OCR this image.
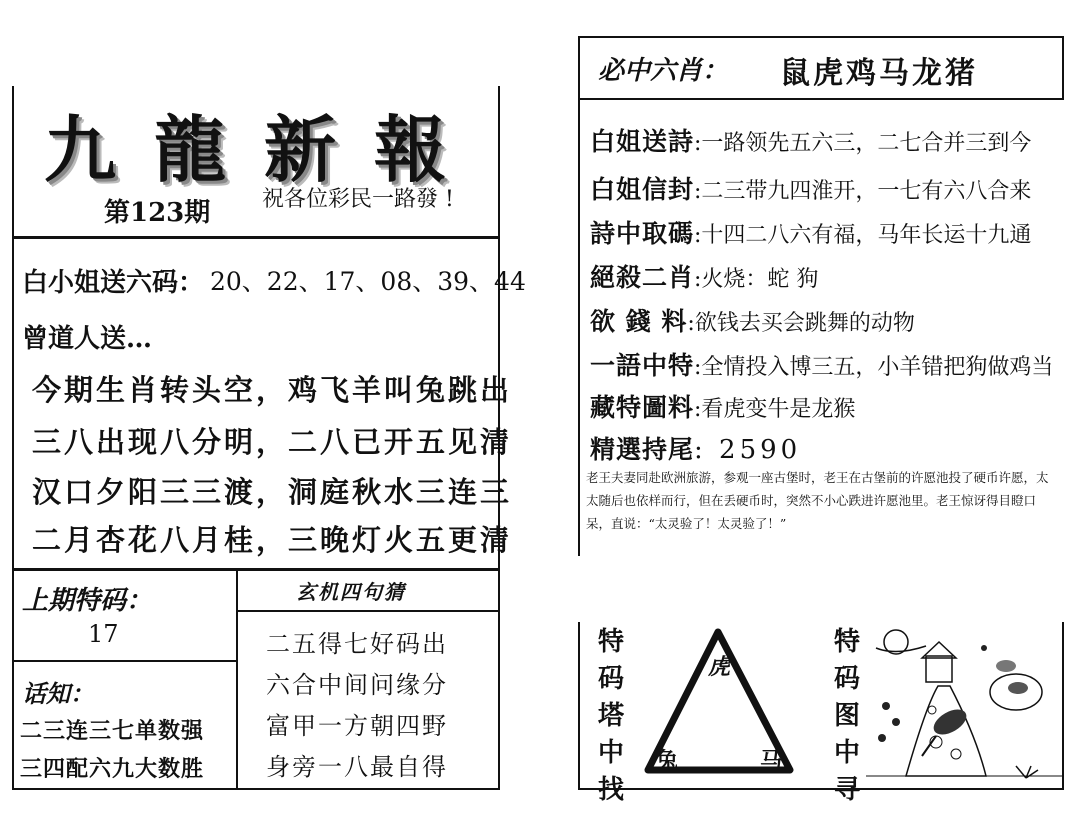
九龍新報
第123期 祝各位彩民一路發 !
白小姐送六码： 20、22、17、08、39、44
曾道人送…
今期生肖转头空，鸡飞羊叫兔跳出
三八出现八分明，二八已开五见清
汉口夕阳三三渡，洞庭秋水三连三
二月杏花八月桂，三晚灯火五更清
上期特码：
17
玄机四句猜
二五得七好码出
六合中间问缘分
富甲一方朝四野
身旁一八最自得
话知：
二三连三七单数强
三四配六九大数胜
必中六肖： 鼠虎鸡马龙猪
白姐送詩:一路领先五六三，二七合并三到今
白姐信封:二三带九四淮开，一七有六八合来
詩中取碼:十四二八六有福，马年长运十九通
絕殺二肖:火烧：蛇 狗
欲 錢 料:欲钱去买会跳舞的动物
一語中特:全情投入博三五，小羊错把狗做鸡当
藏特圖料:看虎变牛是龙猴
精選持尾: 2590
老王夫妻同赴欧洲旅游，参观一座古堡时，老王在古堡前的许愿池投了硬币许愿，太太随后也依样而行，但在丢硬币时，突然不小心跌进许愿池里。老王惊讶得目瞪口呆，直说：“太灵验了！太灵验了！”
特码塔中找
虎
兔	马
特码图中寻
